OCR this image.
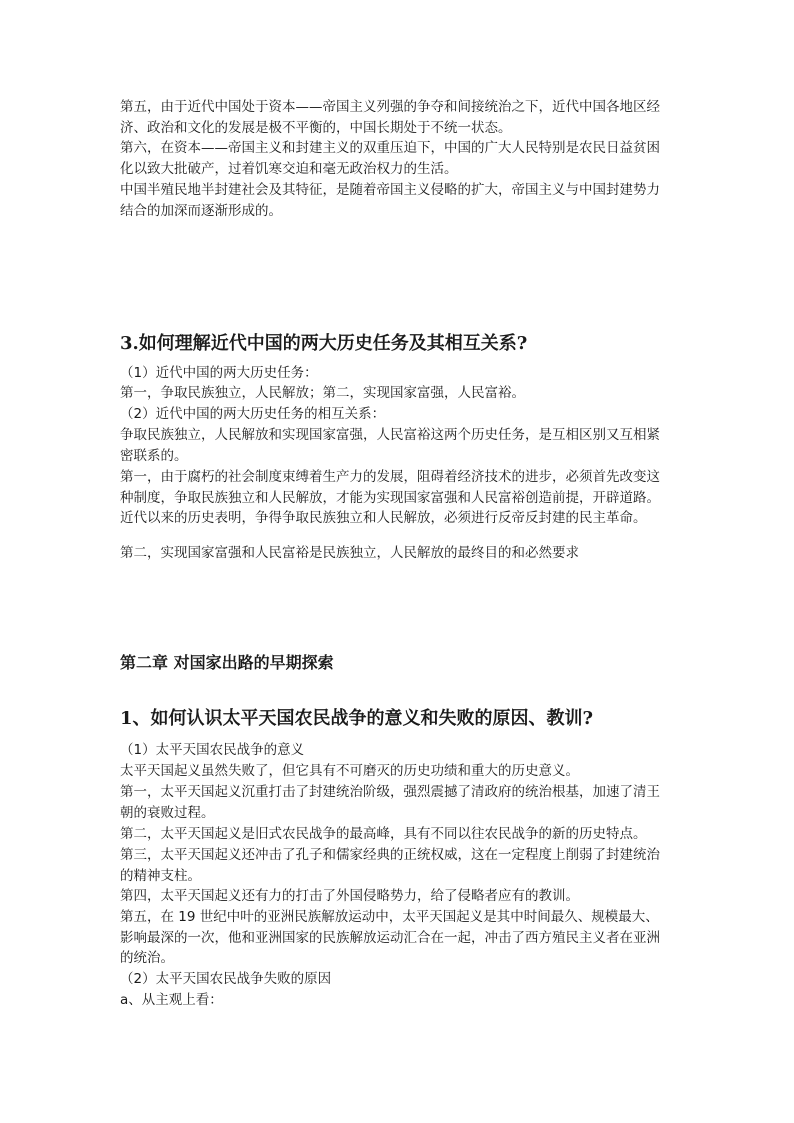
第五，由于近代中国处于资本——帝国主义列强的争夺和间接统治之下，近代中国各地区经
济、政治和文化的发展是极不平衡的，中国长期处于不统一状态。

第六，在资本——帝国主义和封建主义的双重压迫下，中国的广大人民特别是农民日益贫困
化以致大批破产，过着饥寒交迫和毫无政治权力的生活。

中国半殖民地半封建社会及其特征，是随着帝国主义侵略的扩大，帝国主义与中国封建势力
结合的加深而逐渐形成的。

3.如何理解近代中国的两大历史任务及其相互关系?

（1）近代中国的两大历史任务：

第一，争取民族独立，人民解放；第二，实现国家富强，人民富裕。

（2）近代中国的两大历史任务的相互关系：

争取民族独立，人民解放和实现国家富强，人民富裕这两个历史任务，是互相区别又互相紧
密联系的。

第一，由于腐朽的社会制度束缚着生产力的发展，阻碍着经济技术的进步，必须首先改变这
种制度，争取民族独立和人民解放，才能为实现国家富强和人民富裕创造前提，开辟道路。
近代以来的历史表明，争得争取民族独立和人民解放，必须进行反帝反封建的民主革命。

第二，实现国家富强和人民富裕是民族独立，人民解放的最终目的和必然要求

第二章 对国家出路的早期探索
1、如何认识太平天国农民战争的意义和失败的原因、教训?

（1）太平天国农民战争的意义

太平天国起义虽然失败了，但它具有不可磨灭的历史功绩和重大的历史意义。

第一，太平天国起义沉重打击了封建统治阶级，强烈震撼了清政府的统治根基，加速了清王
朝的衰败过程。

第二，太平天国起义是旧式农民战争的最高峰，具有不同以往农民战争的新的历史特点。

第三，太平天国起义还冲击了孔子和儒家经典的正统权威，这在一定程度上削弱了封建统治
的精神支柱。

第四，太平天国起义还有力的打击了外国侵略势力，给了侵略者应有的教训。

第五，在 19 世纪中叶的亚洲民族解放运动中，太平天国起义是其中时间最久、规模最大、
影响最深的一次，他和亚洲国家的民族解放运动汇合在一起，冲击了西方殖民主义者在亚洲
的统治。

（2）太平天国农民战争失败的原因

a、从主观上看：
